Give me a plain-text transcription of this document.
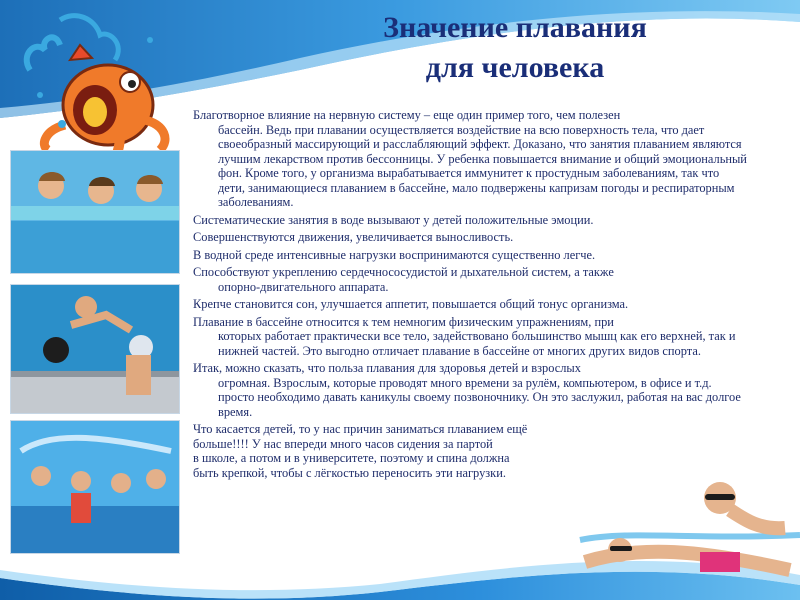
Значение плавания
для человека
Благотворное влияние на нервную систему – еще один пример того, чем полезен
бассейн. Ведь при плавании осуществляется воздействие на всю поверхность тела, что дает своеобразный массирующий и расслабляющий эффект. Доказано, что занятия плаванием являются лучшим лекарством против бессонницы. У ребенка повышается внимание и общий эмоциональный фон. Кроме того, у организма вырабатывается иммунитет к простудным заболеваниям, так что дети, занимающиеся плаванием в бассейне, мало подвержены капризам погоды и респираторным заболеваниям.
Систематические занятия в воде вызывают у детей положительные эмоции.
Совершенствуются движения, увеличивается выносливость.
В водной среде интенсивные нагрузки воспринимаются существенно легче.
Способствуют укреплению сердечнососудистой и дыхательной систем, а также
опорно-двигательного аппарата.
Крепче становится сон, улучшается аппетит, повышается общий тонус организма.
Плавание в бассейне относится к тем немногим физическим упражнениям, при
которых работает практически все тело, задействовано большинство мышц как его верхней, так и нижней частей. Это выгодно отличает плавание в бассейне от многих других видов спорта.
Итак, можно сказать, что польза плавания для здоровья детей и взрослых
огромная. Взрослым, которые проводят много времени за рулём, компьютером, в офисе и т.д. просто необходимо давать каникулы своему позвоночнику. Он это заслужил, работая на вас долгое время.
Что касается детей, то у нас причин заниматься плаванием ещё
больше!!!! У нас впереди много часов сидения за партой
в школе, а потом и в университете, поэтому и спина должна
быть крепкой, чтобы с лёгкостью переносить эти нагрузки.
